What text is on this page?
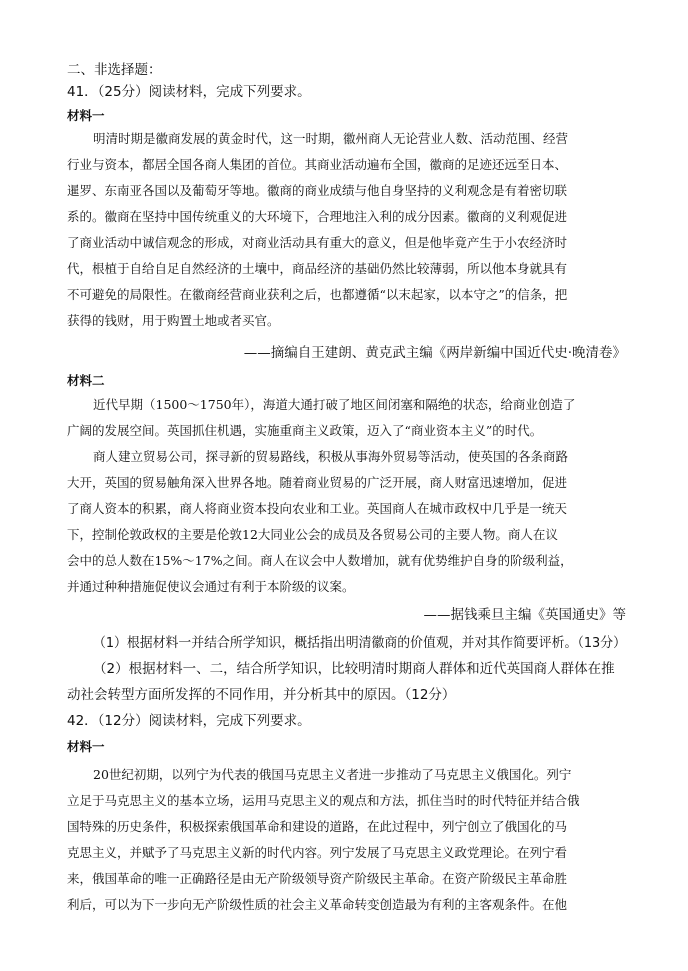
二、非选择题：
41．（25分）阅读材料，完成下列要求。
材料一
明清时期是徽商发展的黄金时代，这一时期，徽州商人无论营业人数、活动范围、经营
行业与资本，都居全国各商人集团的首位。其商业活动遍布全国，徽商的足迹还远至日本、
暹罗、东南亚各国以及葡萄牙等地。徽商的商业成绩与他自身坚持的义利观念是有着密切联
系的。徽商在坚持中国传统重义的大环境下，合理地注入利的成分因素。徽商的义利观促进
了商业活动中诚信观念的形成，对商业活动具有重大的意义，但是他毕竟产生于小农经济时
代，根植于自给自足自然经济的土壤中，商品经济的基础仍然比较薄弱，所以他本身就具有
不可避免的局限性。在徽商经营商业获利之后，也都遵循“以末起家，以本守之”的信条，把
获得的钱财，用于购置土地或者买官。
——摘编自王建朗、黄克武主编《两岸新编中国近代史·晚清卷》
材料二
近代早期（1500～1750年），海道大通打破了地区间闭塞和隔绝的状态，给商业创造了
广阔的发展空间。英国抓住机遇，实施重商主义政策，迈入了“商业资本主义”的时代。
商人建立贸易公司，探寻新的贸易路线，积极从事海外贸易等活动，使英国的各条商路
大开，英国的贸易触角深入世界各地。随着商业贸易的广泛开展，商人财富迅速增加，促进
了商人资本的积累，商人将商业资本投向农业和工业。英国商人在城市政权中几乎是一统天
下，控制伦敦政权的主要是伦敦12大同业公会的成员及各贸易公司的主要人物。商人在议
会中的总人数在15%～17%之间。商人在议会中人数增加，就有优势维护自身的阶级利益，
并通过种种措施促使议会通过有利于本阶级的议案。
——据钱乘旦主编《英国通史》等
（1）根据材料一并结合所学知识，概括指出明清徽商的价值观，并对其作简要评析。（13分）
（2）根据材料一、二，结合所学知识，比较明清时期商人群体和近代英国商人群体在推
动社会转型方面所发挥的不同作用，并分析其中的原因。（12分）
42．（12分）阅读材料，完成下列要求。
材料一
20世纪初期，以列宁为代表的俄国马克思主义者进一步推动了马克思主义俄国化。列宁
立足于马克思主义的基本立场，运用马克思主义的观点和方法，抓住当时的时代特征并结合俄
国特殊的历史条件，积极探索俄国革命和建设的道路，在此过程中，列宁创立了俄国化的马
克思主义，并赋予了马克思主义新的时代内容。列宁发展了马克思主义政党理论。在列宁看
来，俄国革命的唯一正确路径是由无产阶级领导资产阶级民主革命。在资产阶级民主革命胜
利后，可以为下一步向无产阶级性质的社会主义革命转变创造最为有利的主客观条件。在他
